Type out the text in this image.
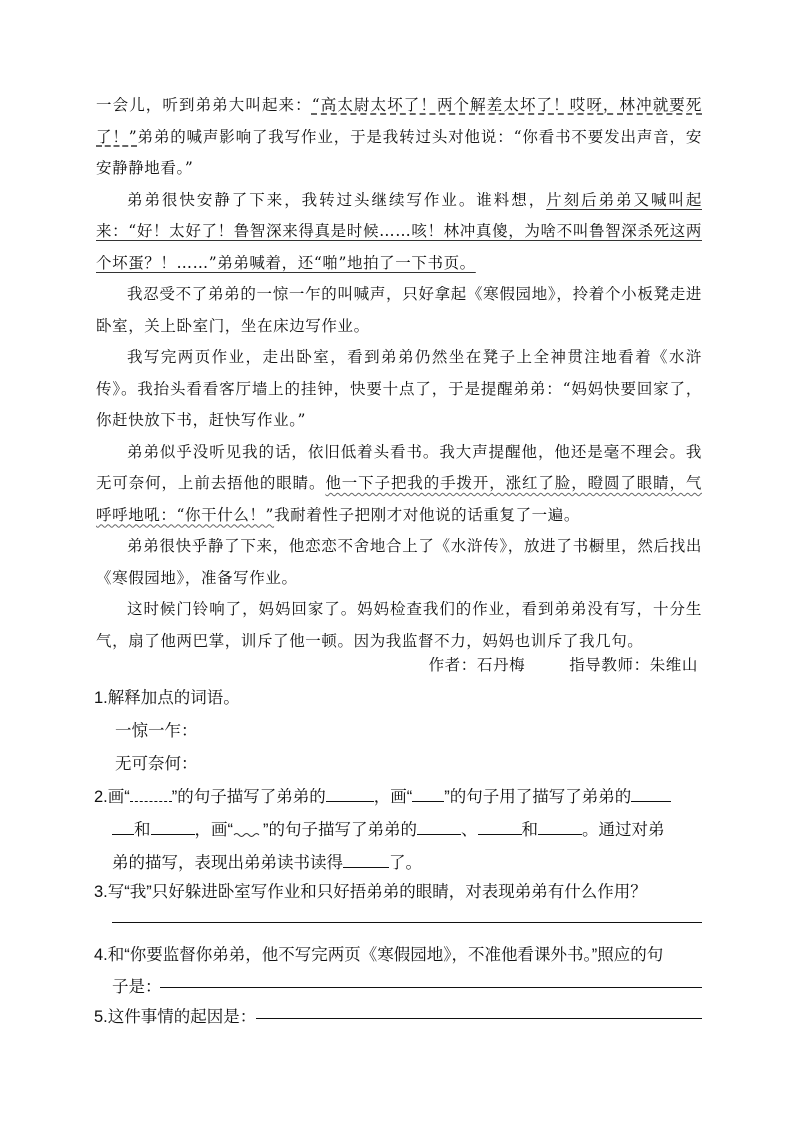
一会儿，听到弟弟大叫起来：“高太尉太坏了！两个解差太坏了！哎呀，林冲就要死了！”弟弟的喊声影响了我写作业，于是我转过头对他说：“你看书不要发出声音，安安静静地看。”

弟弟很快安静了下来，我转过头继续写作业。谁料想，片刻后弟弟又喊叫起来：“好！太好了！鲁智深来得真是时候……咳！林冲真傻，为啥不叫鲁智深杀死这两个坏蛋？！……”弟弟喊着，还“啪”地拍了一下书页。

我忍受不了弟弟的一惊一乍的叫喊声，只好拿起《寒假园地》，拎着个小板凳走进卧室，关上卧室门，坐在床边写作业。

我写完两页作业，走出卧室，看到弟弟仍然坐在凳子上全神贯注地看着《水浒传》。我抬头看看客厅墙上的挂钟，快要十点了，于是提醒弟弟：“妈妈快要回家了，你赶快放下书，赶快写作业。”

弟弟似乎没听见我的话，依旧低着头看书。我大声提醒他，他还是毫不理会。我无可奈何，上前去捂他的眼睛。他一下子把我的手拨开，涨红了脸，瞪圆了眼睛，气呼呼地吼：“你干什么！”我耐着性子把刚才对他说的话重复了一遍。

弟弟很快乎静了下来，他恋恋不舍地合上了《水浒传》，放进了书橱里，然后找出《寒假园地》，准备写作业。

这时候门铃响了，妈妈回家了。妈妈检查我们的作业，看到弟弟没有写，十分生气，扇了他两巴掌，训斥了他一顿。因为我监督不力，妈妈也训斥了我几句。

作者：石丹梅	指导教师：朱维山
1.解释加点的词语。
一惊一乍：
无可奈何：
2.画“	”的句子描写了弟弟的	，画“ ”的句子用了描写了弟弟的
和	，画“ ”的句子描写了弟弟的	、	和	。通过对弟
弟的描写，表现出弟弟读书读得	了。
3.写“我”只好躲进卧室写作业和只好捂弟弟的眼睛，对表现弟弟有什么作用？
4.和“你要监督你弟弟，他不写完两页《寒假园地》，不准他看课外书。”照应的句
子是：
5.这件事情的起因是：
